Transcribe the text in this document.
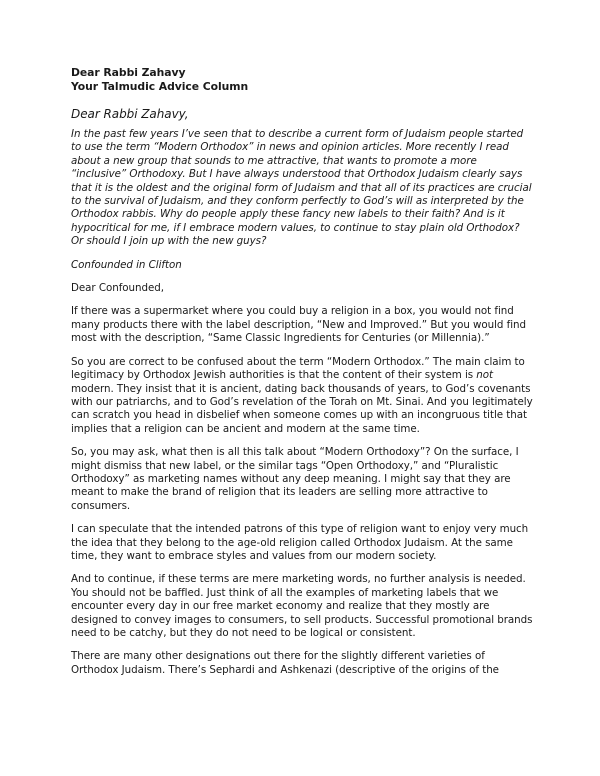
Dear Rabbi Zahavy

Your Talmudic Advice Column

Dear Rabbi Zahavy,

In the past few years I’ve seen that to describe a current form of Judaism people started to use the term “Modern Orthodox” in news and opinion articles. More recently I read about a new group that sounds to me attractive, that wants to promote a more “inclusive” Orthodoxy. But I have always understood that Orthodox Judaism clearly says that it is the oldest and the original form of Judaism and that all of its practices are crucial to the survival of Judaism, and they conform perfectly to God’s will as interpreted by the Orthodox rabbis. Why do people apply these fancy new labels to their faith? And is it hypocritical for me, if I embrace modern values, to continue to stay plain old Orthodox? Or should I join up with the new guys?

Confounded in Clifton

Dear Confounded,

If there was a supermarket where you could buy a religion in a box, you would not find many products there with the label description, “New and Improved.” But you would find most with the description, “Same Classic Ingredients for Centuries (or Millennia).”

So you are correct to be confused about the term “Modern Orthodox.” The main claim to legitimacy by Orthodox Jewish authorities is that the content of their system is not modern. They insist that it is ancient, dating back thousands of years, to God’s covenants with our patriarchs, and to God’s revelation of the Torah on Mt. Sinai. And you legitimately can scratch you head in disbelief when someone comes up with an incongruous title that implies that a religion can be ancient and modern at the same time.

So, you may ask, what then is all this talk about “Modern Orthodoxy”? On the surface, I might dismiss that new label, or the similar tags “Open Orthodoxy,” and “Pluralistic Orthodoxy” as marketing names without any deep meaning. I might say that they are meant to make the brand of religion that its leaders are selling more attractive to consumers.

I can speculate that the intended patrons of this type of religion want to enjoy very much the idea that they belong to the age-old religion called Orthodox Judaism. At the same time, they want to embrace styles and values from our modern society.

And to continue, if these terms are mere marketing words, no further analysis is needed. You should not be baffled. Just think of all the examples of marketing labels that we encounter every day in our free market economy and realize that they mostly are designed to convey images to consumers, to sell products. Successful promotional brands need to be catchy, but they do not need to be logical or consistent.

There are many other designations out there for the slightly different varieties of Orthodox Judaism. There’s Sephardi and Ashkenazi (descriptive of the origins of the
